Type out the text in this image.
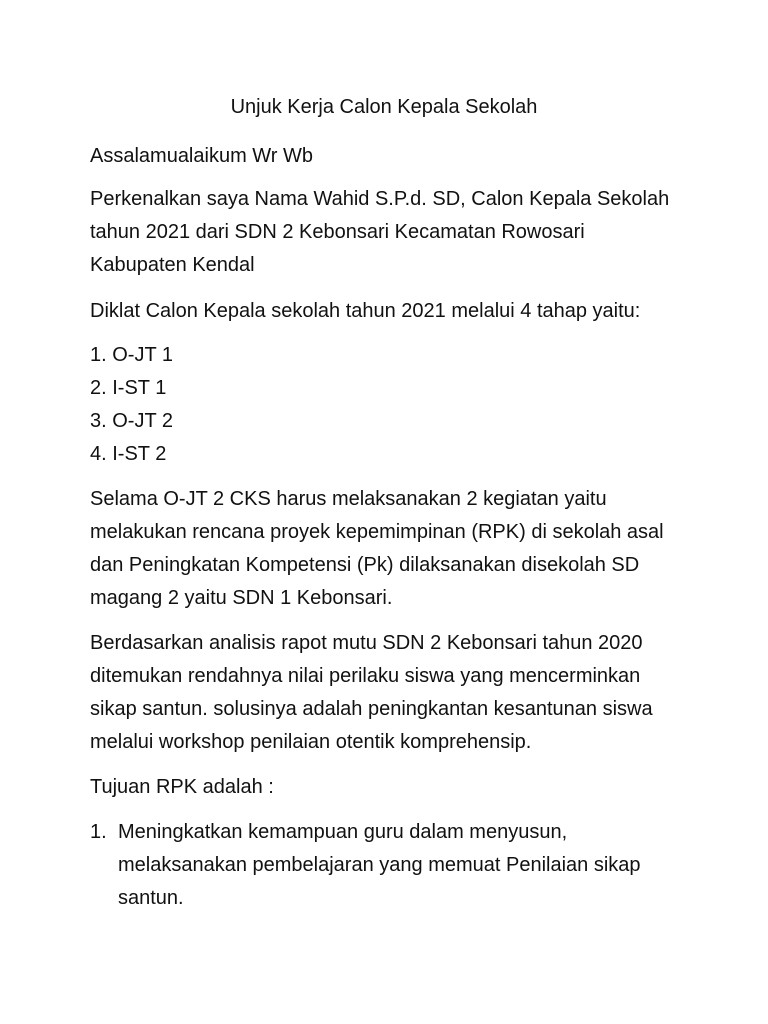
Unjuk Kerja Calon Kepala Sekolah

Assalamualaikum Wr Wb

Perkenalkan saya Nama Wahid S.P.d. SD, Calon Kepala Sekolah
tahun 2021 dari SDN 2 Kebonsari Kecamatan Rowosari
Kabupaten Kendal

Diklat Calon Kepala sekolah tahun 2021 melalui 4 tahap yaitu:

1. O-JT 1
2. I-ST 1
3. O-JT 2
4. I-ST 2

Selama O-JT 2 CKS harus melaksanakan 2 kegiatan yaitu
melakukan rencana proyek kepemimpinan (RPK) di sekolah asal
dan Peningkatan Kompetensi (Pk) dilaksanakan disekolah SD
magang 2 yaitu SDN 1 Kebonsari.

Berdasarkan analisis rapot mutu SDN 2 Kebonsari tahun 2020
ditemukan rendahnya nilai perilaku siswa yang mencerminkan
sikap santun. solusinya adalah peningkantan kesantunan siswa
melalui workshop penilaian otentik komprehensip.

Tujuan RPK adalah :

1. Meningkatkan kemampuan guru dalam menyusun,
melaksanakan pembelajaran yang memuat Penilaian sikap
santun.
